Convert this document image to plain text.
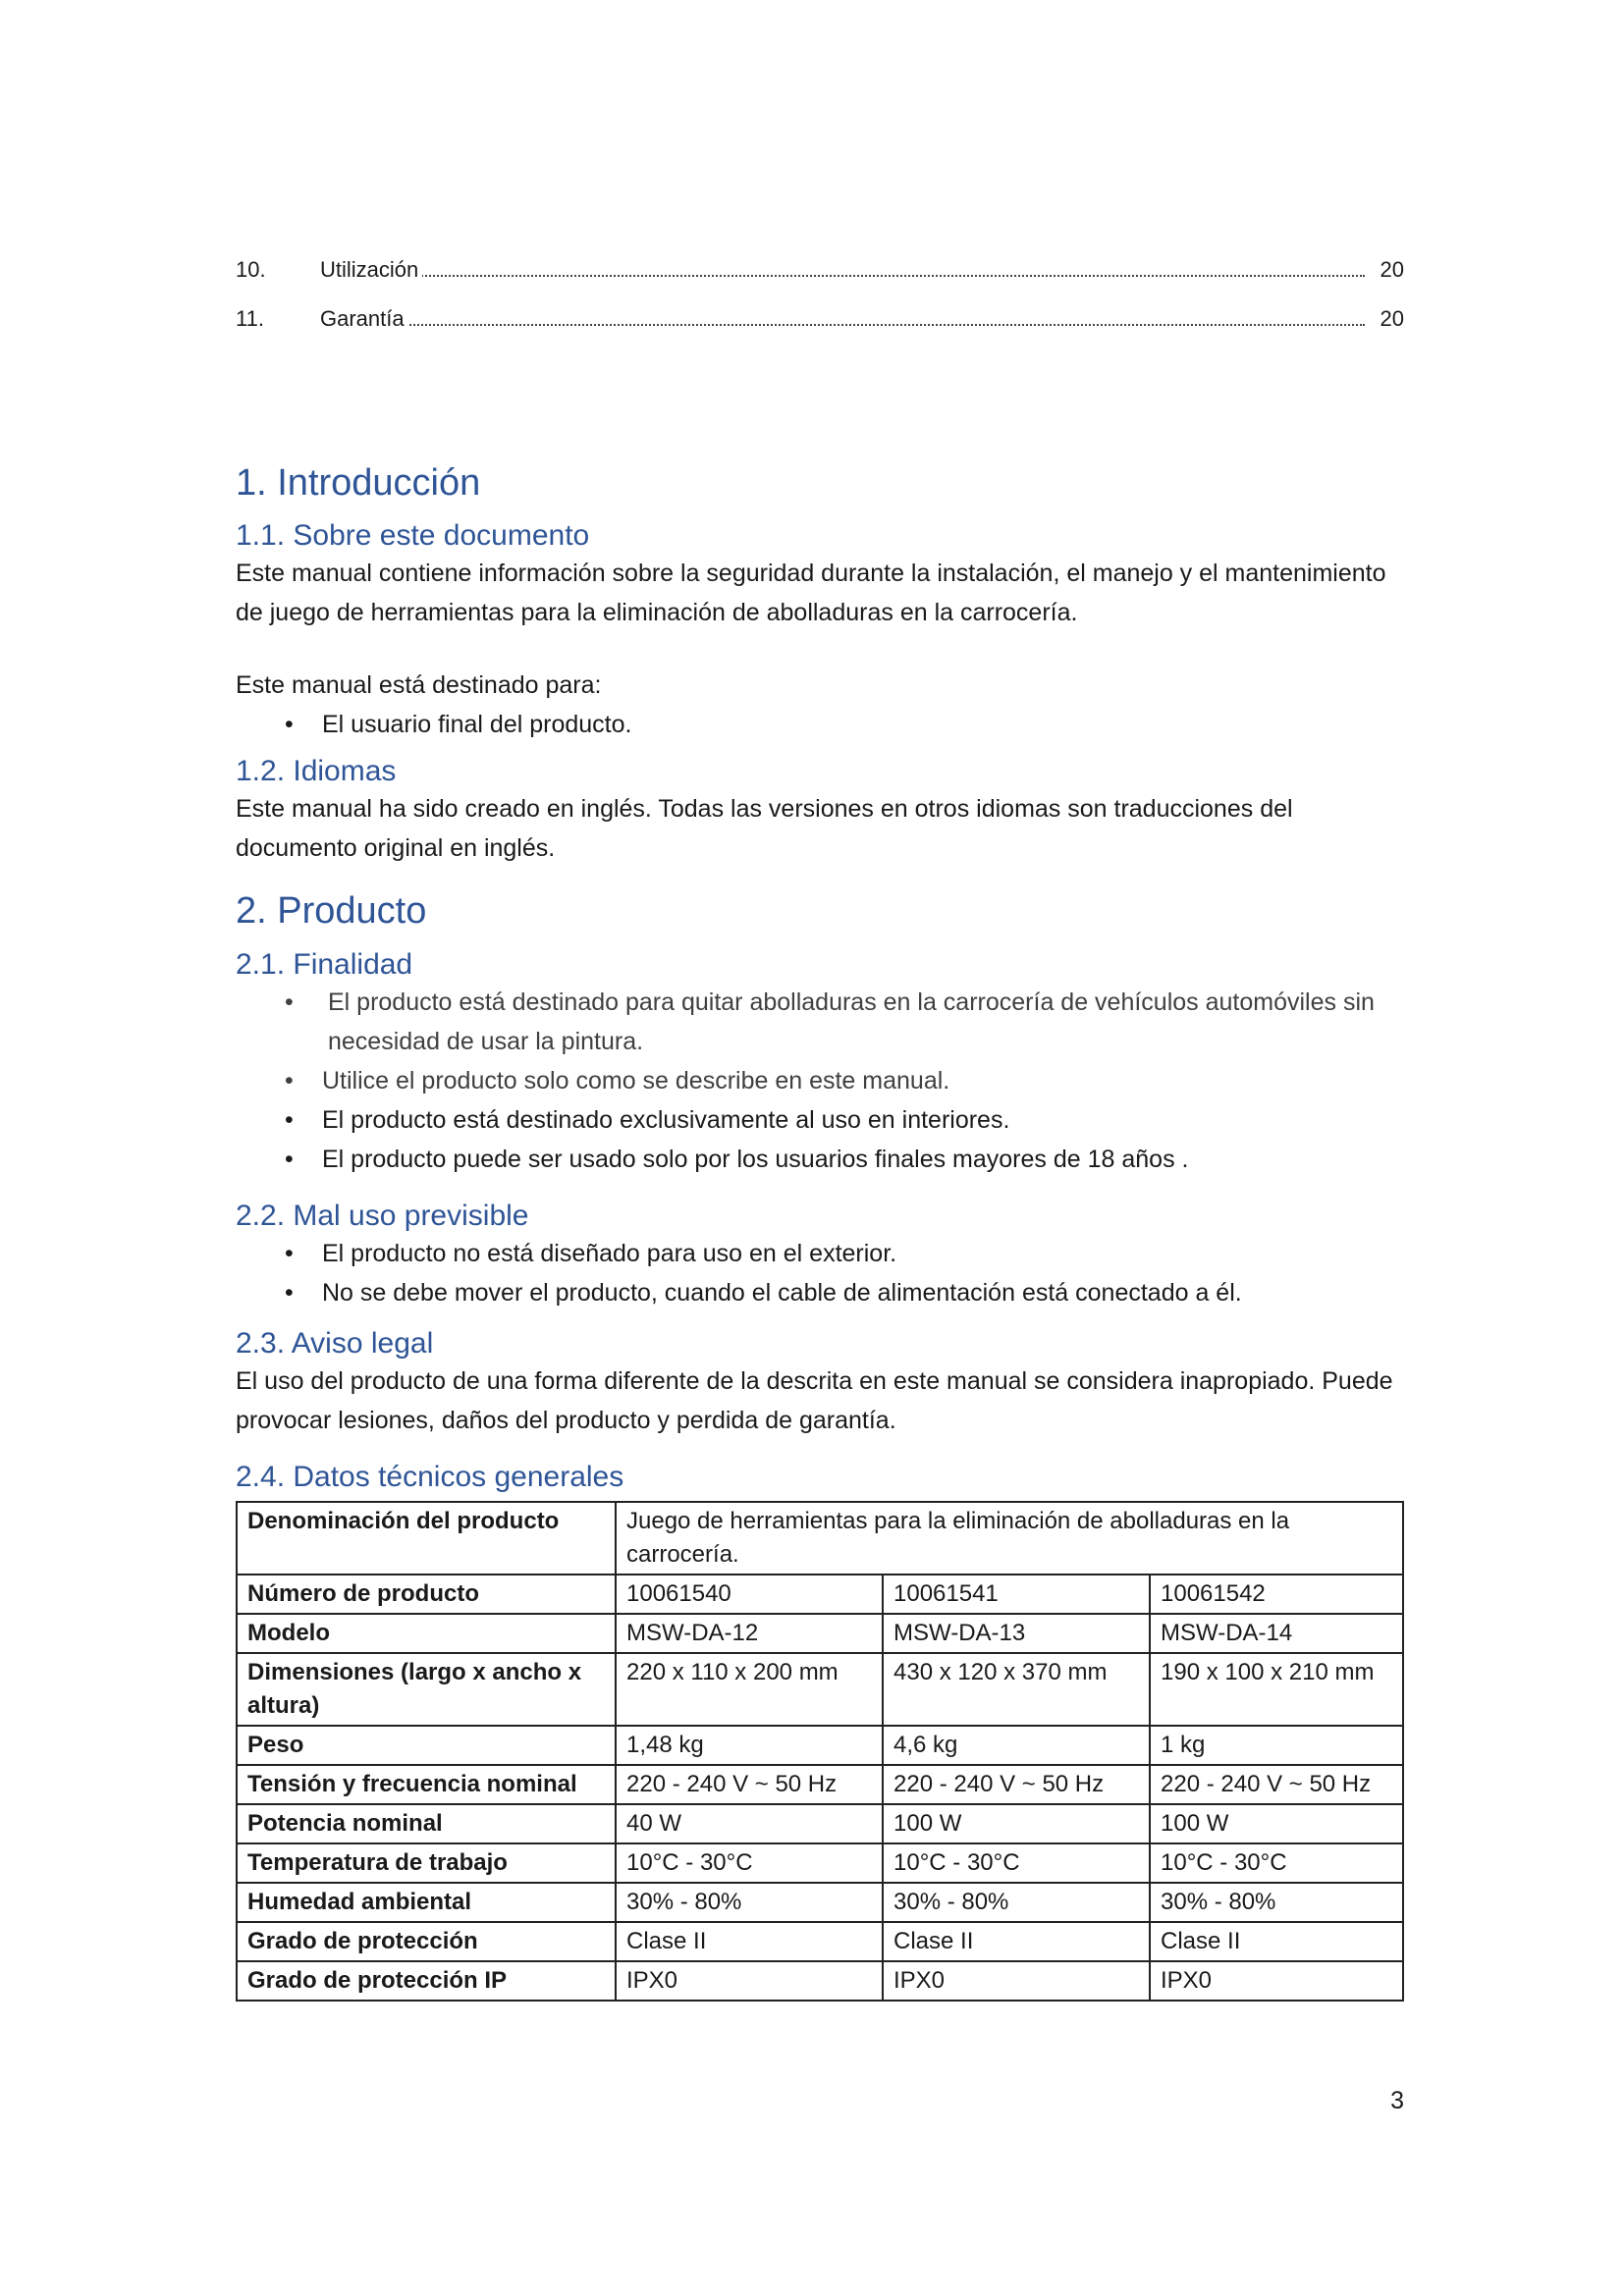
10.	Utilización	20
11.	Garantía	20
1. Introducción
1.1. Sobre este documento

Este manual contiene información sobre la seguridad durante la instalación, el manejo y el mantenimiento de juego de herramientas para la eliminación de abolladuras en la carrocería.

Este manual está destinado para:

• El usuario final del producto.
1.2. Idiomas

Este manual ha sido creado en inglés. Todas las versiones en otros idiomas son traducciones del documento original en inglés.

2. Producto
2.1. Finalidad
• El producto está destinado para quitar abolladuras en la carrocería de vehículos automóviles sin necesidad de usar la pintura.
• Utilice el producto solo como se describe en este manual.
• El producto está destinado exclusivamente al uso en interiores.
• El producto puede ser usado solo por los usuarios finales mayores de 18 años .
2.2. Mal uso previsible
• El producto no está diseñado para uso en el exterior.
• No se debe mover el producto, cuando el cable de alimentación está conectado a él.
2.3. Aviso legal

El uso del producto de una forma diferente de la descrita en este manual se considera inapropiado. Puede provocar lesiones, daños del producto y perdida de garantía.

2.4. Datos técnicos generales
Denominación del producto	Juego de herramientas para la eliminación de abolladuras en la carrocería.		
Número de producto	10061540	10061541	10061542
Modelo	MSW-DA-12	MSW-DA-13	MSW-DA-14
Dimensiones (largo x ancho x altura)	220 x 110 x 200 mm	430 x 120 x 370 mm	190 x 100 x 210 mm
Peso	1,48 kg	4,6 kg	1 kg
Tensión y frecuencia nominal	220 - 240 V ~ 50 Hz	220 - 240 V ~ 50 Hz	220 - 240 V ~ 50 Hz
Potencia nominal	40 W	100 W	100 W
Temperatura de trabajo	10°C - 30°C	10°C - 30°C	10°C - 30°C
Humedad ambiental	30% - 80%	30% - 80%	30% - 80%
Grado de protección	Clase II	Clase II	Clase II
Grado de protección IP	IPX0	IPX0	IPX0
3
